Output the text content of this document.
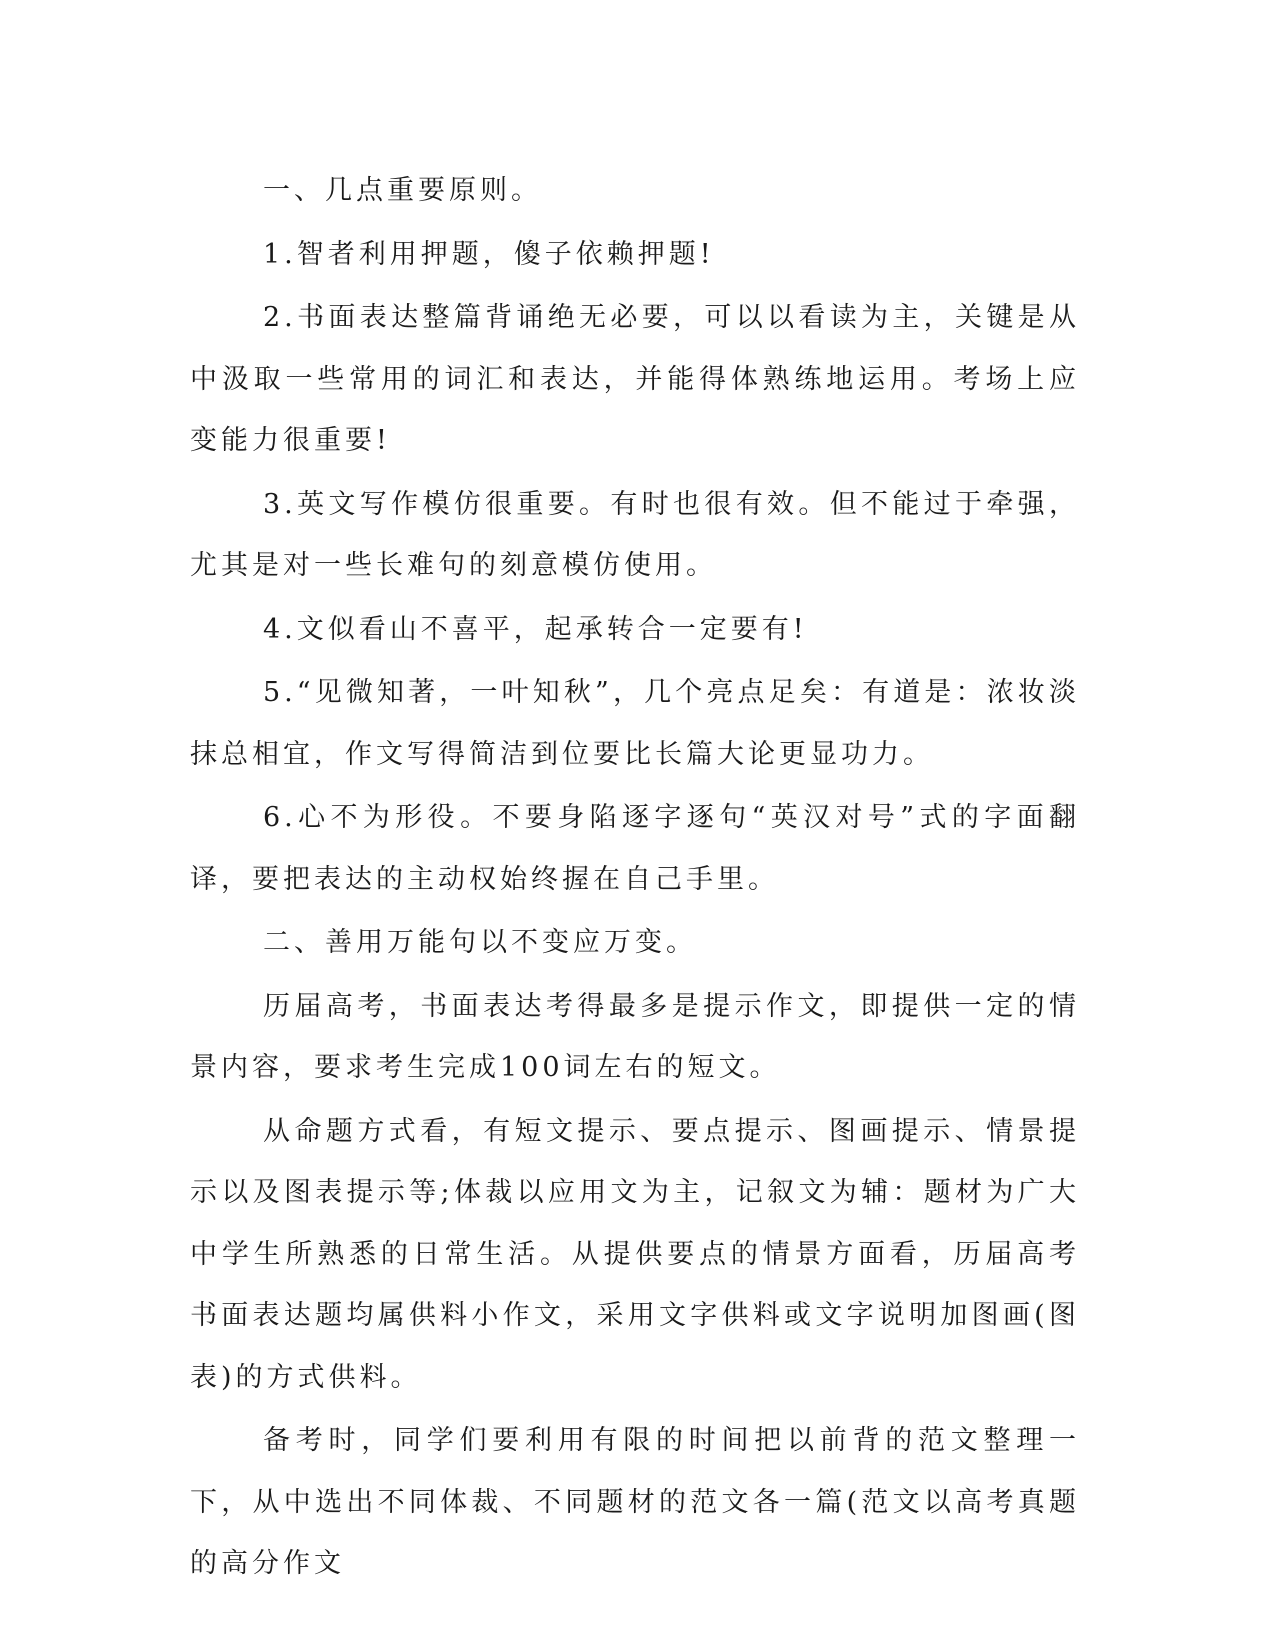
一、几点重要原则。

1.智者利用押题，傻子依赖押题!

2.书面表达整篇背诵绝无必要，可以以看读为主，关键是从中汲取一些常用的词汇和表达，并能得体熟练地运用。考场上应变能力很重要!

3.英文写作模仿很重要。有时也很有效。但不能过于牵强，尤其是对一些长难句的刻意模仿使用。

4.文似看山不喜平，起承转合一定要有!

5.“见微知著，一叶知秋”，几个亮点足矣：有道是：浓妆淡抹总相宜，作文写得简洁到位要比长篇大论更显功力。

6.心不为形役。不要身陷逐字逐句“英汉对号”式的字面翻译，要把表达的主动权始终握在自己手里。

二、善用万能句以不变应万变。

历届高考，书面表达考得最多是提示作文，即提供一定的情景内容，要求考生完成100词左右的短文。

从命题方式看，有短文提示、要点提示、图画提示、情景提示以及图表提示等;体裁以应用文为主，记叙文为辅：题材为广大中学生所熟悉的日常生活。从提供要点的情景方面看，历届高考书面表达题均属供料小作文，采用文字供料或文字说明加图画(图表)的方式供料。

备考时，同学们要利用有限的时间把以前背的范文整理一下，从中选出不同体裁、不同题材的范文各一篇(范文以高考真题的高分作文
